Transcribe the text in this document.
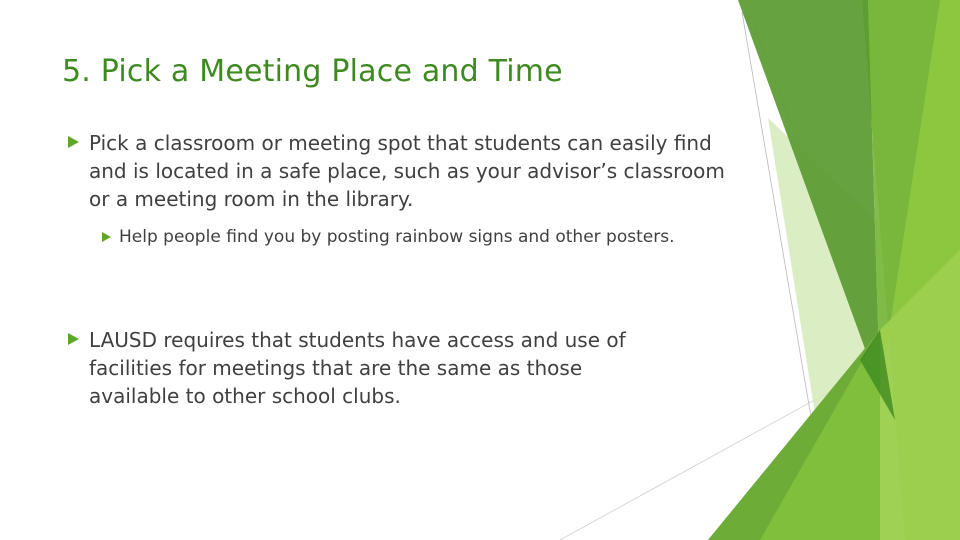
5. Pick a Meeting Place and Time
Pick a classroom or meeting spot that students can easily find and is located in a safe place, such as your advisor’s classroom or a meeting room in the library.
Help people find you by posting rainbow signs and other posters.
LAUSD requires that students have access and use of facilities for meetings that are the same as those available to other school clubs.
